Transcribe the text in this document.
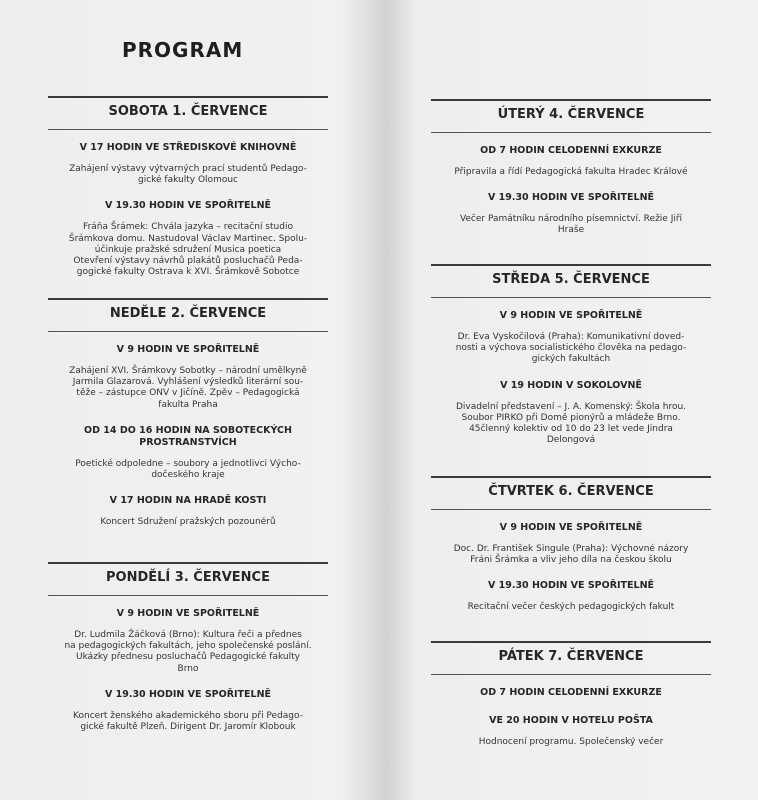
SOBOTA 1. ČERVENCE
V 17 HODIN VE STŘEDISKOVÉ KNIHOVNĚ
Zahájení výstavy výtvarných prací studentů Pedago-
gické fakulty Olomouc
V 19.30 HODIN VE SPOŘITELNĚ
Fráňa Šrámek: Chvála jazyka – recitační studio
Šrámkova domu. Nastudoval Václav Martinec. Spolu-
účinkuje pražské sdružení Musica poetica
Otevření výstavy návrhů plakátů posluchačů Peda-
gogické fakulty Ostrava k XVI. Šrámkově Sobotce
NEDĚLE 2. ČERVENCE
V 9 HODIN VE SPOŘITELNĚ
Zahájení XVI. Šrámkovy Sobotky – národní umělkyně
Jarmila Glazarová. Vyhlášení výsledků literární sou-
těže – zástupce ONV v Jičíně. Zpěv – Pedagogická
fakulta Praha
OD 14 DO 16 HODIN NA SOBOTECKÝCH PROSTRANSTVÍCH
Poetické odpoledne – soubory a jednotlivci Výcho-
dočeského kraje
V 17 HODIN NA HRADĚ KOSTI
Koncert Sdružení pražských pozounérů
PONDĚLÍ 3. ČERVENCE
V 9 HODIN VE SPOŘITELNĚ
Dr. Ludmila Žáčková (Brno): Kultura řeči a přednes
na pedagogických fakultách, jeho společenské poslání.
Ukázky přednesu posluchačů Pedagogické fakulty
Brno
V 19.30 HODIN VE SPOŘITELNĚ
Koncert ženského akademického sboru při Pedago-
gické fakultě Plzeň. Dirigent Dr. Jaromír Klobouk
ÚTERÝ 4. ČERVENCE
OD 7 HODIN CELODENNÍ EXKURZE
Připravila a řídí Pedagogická fakulta Hradec Králové
V 19.30 HODIN VE SPOŘITELNĚ
Večer Památníku národního písemnictví. Režie Jiří
Hraše
STŘEDA 5. ČERVENCE
V 9 HODIN VE SPOŘITELNĚ
Dr. Eva Vyskočilová (Praha): Komunikativní doved-
nosti a výchova socialistického člověka na pedago-
gických fakultách
V 19 HODIN V SOKOLOVNĚ
Divadelní představení – J. A. Komenský: Škola hrou.
Soubor PIRKO při Domě pionýrů a mládeže Brno.
45členný kolektiv od 10 do 23 let vede Jindra
Delongová
ČTVRTEK 6. ČERVENCE
V 9 HODIN VE SPOŘITELNĚ
Doc. Dr. František Singule (Praha): Výchovné názory
Fráni Šrámka a vliv jeho díla na českou školu
V 19.30 HODIN VE SPOŘITELNĚ
Recitační večer českých pedagogických fakult
PÁTEK 7. ČERVENCE
OD 7 HODIN CELODENNÍ EXKURZE
VE 20 HODIN V HOTELU POŠTA
Hodnocení programu. Společenský večer
PROGRAM
